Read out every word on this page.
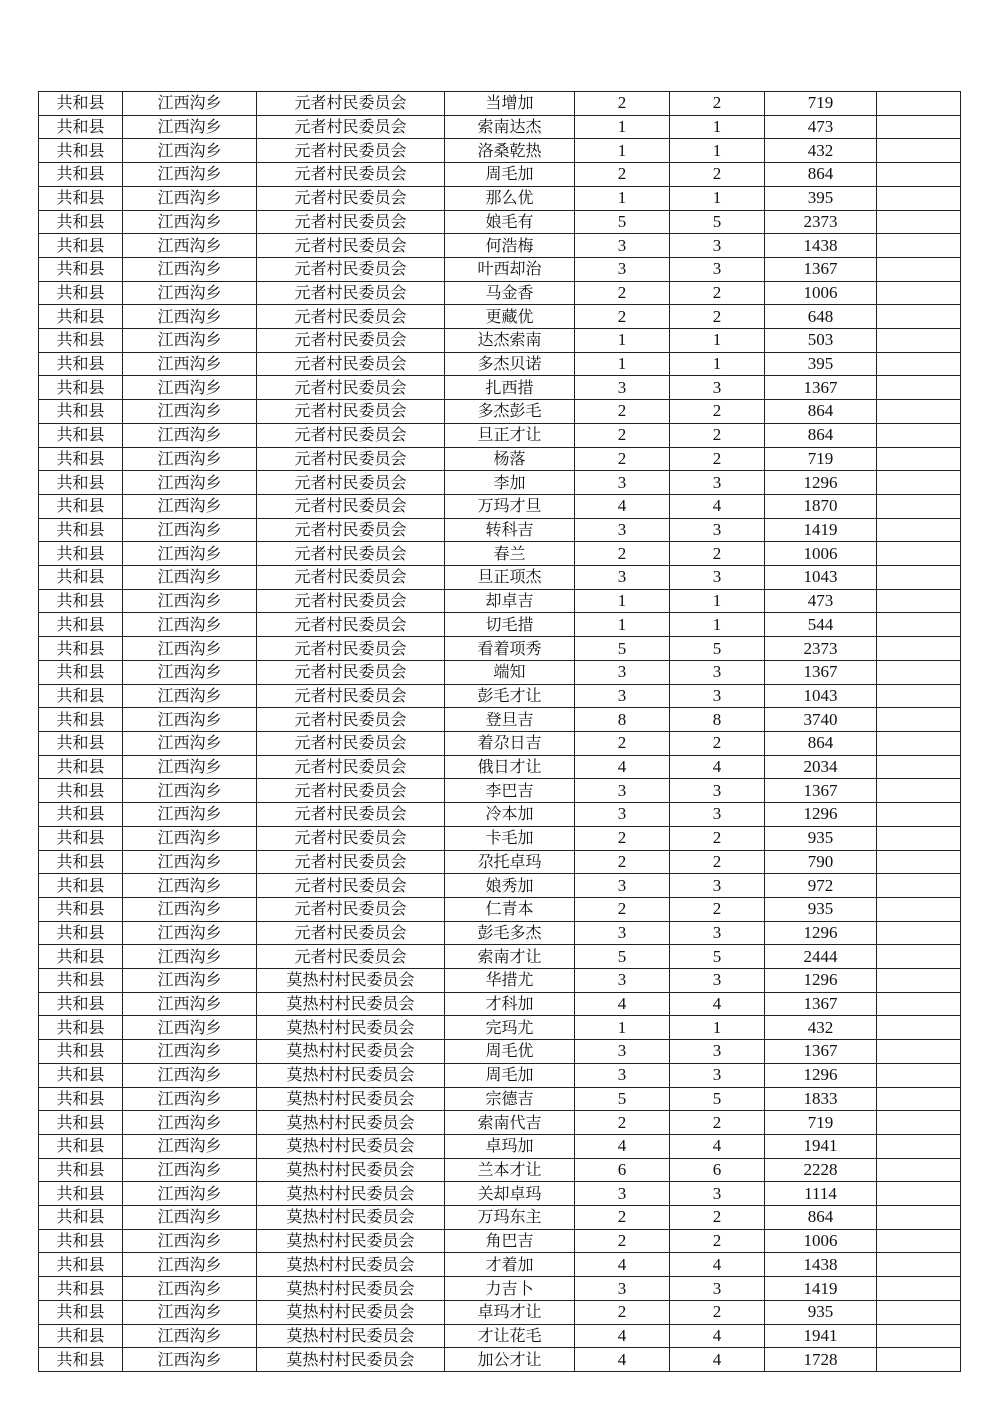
共和县	江西沟乡	元者村民委员会	当增加	2	2	719	
共和县	江西沟乡	元者村民委员会	索南达杰	1	1	473	
共和县	江西沟乡	元者村民委员会	洛桑乾热	1	1	432	
共和县	江西沟乡	元者村民委员会	周毛加	2	2	864	
共和县	江西沟乡	元者村民委员会	那么优	1	1	395	
共和县	江西沟乡	元者村民委员会	娘毛有	5	5	2373	
共和县	江西沟乡	元者村民委员会	何浩梅	3	3	1438	
共和县	江西沟乡	元者村民委员会	叶西却治	3	3	1367	
共和县	江西沟乡	元者村民委员会	马金香	2	2	1006	
共和县	江西沟乡	元者村民委员会	更藏优	2	2	648	
共和县	江西沟乡	元者村民委员会	达杰索南	1	1	503	
共和县	江西沟乡	元者村民委员会	多杰贝诺	1	1	395	
共和县	江西沟乡	元者村民委员会	扎西措	3	3	1367	
共和县	江西沟乡	元者村民委员会	多杰彭毛	2	2	864	
共和县	江西沟乡	元者村民委员会	旦正才让	2	2	864	
共和县	江西沟乡	元者村民委员会	杨落	2	2	719	
共和县	江西沟乡	元者村民委员会	李加	3	3	1296	
共和县	江西沟乡	元者村民委员会	万玛才旦	4	4	1870	
共和县	江西沟乡	元者村民委员会	转科吉	3	3	1419	
共和县	江西沟乡	元者村民委员会	春兰	2	2	1006	
共和县	江西沟乡	元者村民委员会	旦正项杰	3	3	1043	
共和县	江西沟乡	元者村民委员会	却卓吉	1	1	473	
共和县	江西沟乡	元者村民委员会	切毛措	1	1	544	
共和县	江西沟乡	元者村民委员会	看着项秀	5	5	2373	
共和县	江西沟乡	元者村民委员会	端知	3	3	1367	
共和县	江西沟乡	元者村民委员会	彭毛才让	3	3	1043	
共和县	江西沟乡	元者村民委员会	登旦吉	8	8	3740	
共和县	江西沟乡	元者村民委员会	着尕日吉	2	2	864	
共和县	江西沟乡	元者村民委员会	俄日才让	4	4	2034	
共和县	江西沟乡	元者村民委员会	李巴吉	3	3	1367	
共和县	江西沟乡	元者村民委员会	冷本加	3	3	1296	
共和县	江西沟乡	元者村民委员会	卡毛加	2	2	935	
共和县	江西沟乡	元者村民委员会	尕托卓玛	2	2	790	
共和县	江西沟乡	元者村民委员会	娘秀加	3	3	972	
共和县	江西沟乡	元者村民委员会	仁青本	2	2	935	
共和县	江西沟乡	元者村民委员会	彭毛多杰	3	3	1296	
共和县	江西沟乡	元者村民委员会	索南才让	5	5	2444	
共和县	江西沟乡	莫热村村民委员会	华措尤	3	3	1296	
共和县	江西沟乡	莫热村村民委员会	才科加	4	4	1367	
共和县	江西沟乡	莫热村村民委员会	完玛尤	1	1	432	
共和县	江西沟乡	莫热村村民委员会	周毛优	3	3	1367	
共和县	江西沟乡	莫热村村民委员会	周毛加	3	3	1296	
共和县	江西沟乡	莫热村村民委员会	宗德吉	5	5	1833	
共和县	江西沟乡	莫热村村民委员会	索南代吉	2	2	719	
共和县	江西沟乡	莫热村村民委员会	卓玛加	4	4	1941	
共和县	江西沟乡	莫热村村民委员会	兰本才让	6	6	2228	
共和县	江西沟乡	莫热村村民委员会	关却卓玛	3	3	1114	
共和县	江西沟乡	莫热村村民委员会	万玛东主	2	2	864	
共和县	江西沟乡	莫热村村民委员会	角巴吉	2	2	1006	
共和县	江西沟乡	莫热村村民委员会	才着加	4	4	1438	
共和县	江西沟乡	莫热村村民委员会	力吉卜	3	3	1419	
共和县	江西沟乡	莫热村村民委员会	卓玛才让	2	2	935	
共和县	江西沟乡	莫热村村民委员会	才让花毛	4	4	1941	
共和县	江西沟乡	莫热村村民委员会	加公才让	4	4	1728	
